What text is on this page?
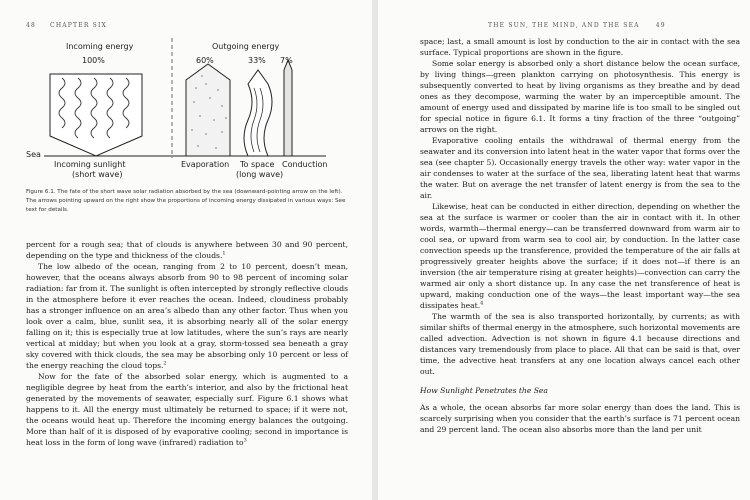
48 CHAPTER SIX
Incoming energy
100%
Outgoing energy
60%	33% 7%
Sea
Incoming sunlight
(short wave)
Evaporation To space
(long wave)
Conduction
Figure 6.1. The fate of the short wave solar radiation absorbed by the sea (downward-pointing arrow on the left). The arrows pointing upward on the right show the proportions of incoming energy dissipated in various ways: See text for details.

percent for a rough sea; that of clouds is anywhere between 30 and 90 percent, depending on the type and thickness of the clouds.$^1$

The low albedo of the ocean, ranging from 2 to 10 percent, doesn’t mean, however, that the oceans always absorb from 90 to 98 percent of incoming solar radiation: far from it. The sunlight is often intercepted by strongly reflective clouds in the atmosphere before it ever reaches the ocean. Indeed, cloudiness probably has a stronger influence on an area’s albedo than any other factor. Thus when you look over a calm, blue, sunlit sea, it is absorbing nearly all of the solar energy falling on it; this is especially true at low latitudes, where the sun’s rays are nearly vertical at midday; but when you look at a gray, storm-tossed sea beneath a gray sky covered with thick clouds, the sea may be absorbing only 10 percent or less of the energy reaching the cloud tops.$^2$

Now for the fate of the absorbed solar energy, which is augmented to a negligible degree by heat from the earth’s interior, and also by the frictional heat generated by the movements of seawater, especially surf. Figure 6.1 shows what happens to it. All the energy must ultimately be returned to space; if it were not, the oceans would heat up. Therefore the incoming energy balances the outgoing. More than half of it is disposed of by evaporative cooling; second in importance is heat loss in the form of long wave (infrared) radiation $to^3$

THE SUN, THE MIND, AND THE SEA	49

space; last, a small amount is lost by conduction to the air in contact with the sea surface. Typical proportions are shown in the figure.

Some solar energy is absorbed only a short distance below the ocean surface, by living things—green plankton carrying on photosynthesis. This energy is subsequently converted to heat by living organisms as they breathe and by dead ones as they decompose, warming the water by an imperceptible amount. The amount of energy used and dissipated by marine life is too small to be singled out for special notice in figure 6.1. It forms a tiny fraction of the three “outgoing” arrows on the right.

Evaporative cooling entails the withdrawal of thermal energy from the seawater and its conversion into latent heat in the water vapor that forms over the sea (see chapter 5). Occasionally energy travels the other way: water vapor in the air condenses to water at the surface of the sea, liberating latent heat that warms the water. But on average the net transfer of latent energy is from the sea to the air.

Likewise, heat can be conducted in either direction, depending on whether the sea at the surface is warmer or cooler than the air in contact with it. In other words, warmth—thermal energy—can be transferred downward from warm air to cool sea, or upward from warm sea to cool air, by conduction. In the latter case convection speeds up the transference, provided the temperature of the air falls at progressively greater heights above the surface; if it does not—if there is an inversion (the air temperature rising at greater heights)—convection can carry the warmed air only a short distance up. In any case the net transference of heat is upward, making conduction one of the ways—the least important way—the sea dissipates heat.$^4$

The warmth of the sea is also transported horizontally, by currents; as with similar shifts of thermal energy in the atmosphere, such horizontal movements are called advection. Advection is not shown in figure 4.1 because directions and distances vary tremendously from place to place. All that can be said is that, over time, the advective heat transfers at any one location always cancel each other out.

How Sunlight Penetrates the Sea

As a whole, the ocean absorbs far more solar energy than does the land. This is scarcely surprising when you consider that the earth’s surface is 71 percent ocean and 29 percent land. The ocean also absorbs more than the land per unit
